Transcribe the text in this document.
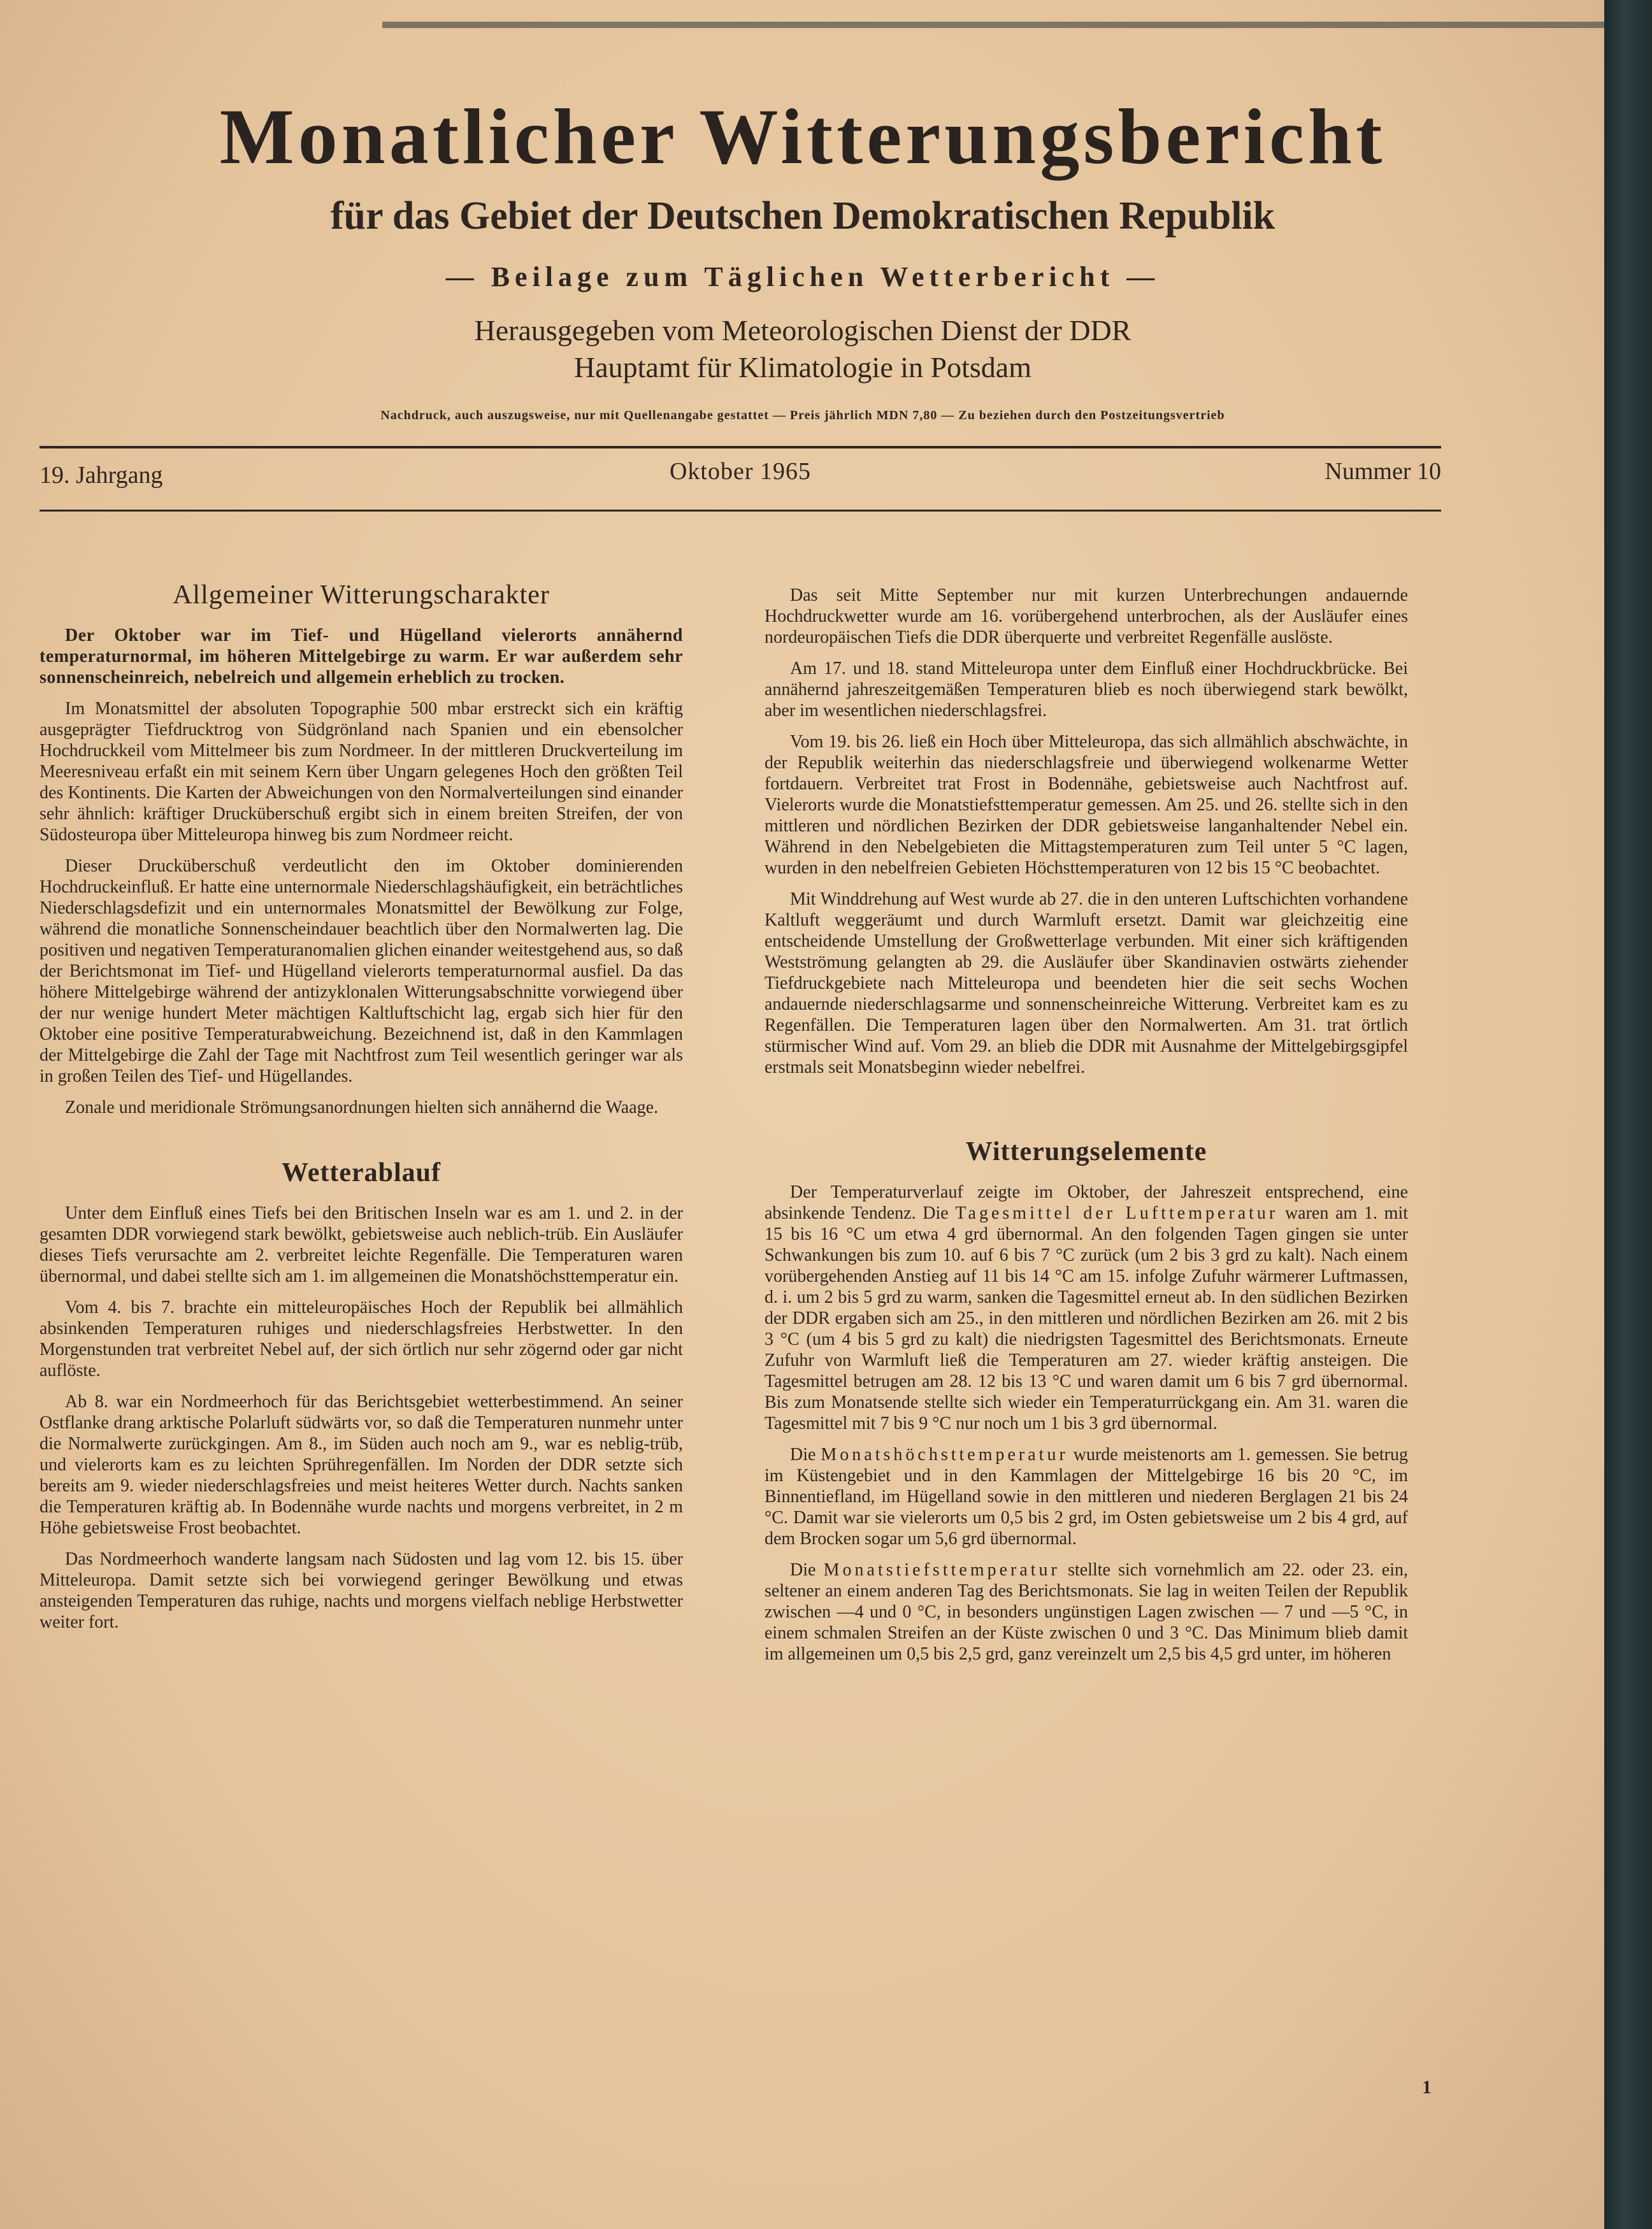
Monatlicher Witterungsbericht
für das Gebiet der Deutschen Demokratischen Republik
— Beilage zum Täglichen Wetterbericht —
Herausgegeben vom Meteorologischen Dienst der DDR
Hauptamt für Klimatologie in Potsdam
Nachdruck, auch auszugsweise, nur mit Quellenangabe gestattet — Preis jährlich MDN 7,80 — Zu beziehen durch den Postzeitungsvertrieb
19. Jahrgang	Oktober 1965	Nummer 10
Allgemeiner Witterungscharakter

Der Oktober war im Tief- und Hügelland vielerorts annähernd temperaturnormal, im höheren Mittelgebirge zu warm. Er war außerdem sehr sonnenscheinreich, nebelreich und allgemein erheblich zu trocken.

Im Monatsmittel der absoluten Topographie 500 mbar erstreckt sich ein kräftig ausgeprägter Tiefdrucktrog von Südgrönland nach Spanien und ein ebensolcher Hochdruckkeil vom Mittelmeer bis zum Nordmeer. In der mittleren Druckverteilung im Meeresniveau erfaßt ein mit seinem Kern über Ungarn gelegenes Hoch den größten Teil des Kontinents. Die Karten der Abweichungen von den Normalverteilungen sind einander sehr ähnlich: kräftiger Drucküberschuß ergibt sich in einem breiten Streifen, der von Südosteuropa über Mitteleuropa hinweg bis zum Nordmeer reicht.

Dieser Drucküberschuß verdeutlicht den im Oktober dominierenden Hochdruckeinfluß. Er hatte eine unternormale Niederschlagshäufigkeit, ein beträchtliches Niederschlagsdefizit und ein unternormales Monatsmittel der Bewölkung zur Folge, während die monatliche Sonnenscheindauer beachtlich über den Normalwerten lag. Die positiven und negativen Temperaturanomalien glichen einander weitestgehend aus, so daß der Berichtsmonat im Tief- und Hügelland vielerorts temperaturnormal ausfiel. Da das höhere Mittelgebirge während der antizyklonalen Witterungsabschnitte vorwiegend über der nur wenige hundert Meter mächtigen Kaltluftschicht lag, ergab sich hier für den Oktober eine positive Temperaturabweichung. Bezeichnend ist, daß in den Kammlagen der Mittelgebirge die Zahl der Tage mit Nachtfrost zum Teil wesentlich geringer war als in großen Teilen des Tief- und Hügellandes.

Zonale und meridionale Strömungsanordnungen hielten sich annähernd die Waage.

Wetterablauf

Unter dem Einfluß eines Tiefs bei den Britischen Inseln war es am 1. und 2. in der gesamten DDR vorwiegend stark bewölkt, gebietsweise auch neblich-trüb. Ein Ausläufer dieses Tiefs verursachte am 2. verbreitet leichte Regenfälle. Die Temperaturen waren übernormal, und dabei stellte sich am 1. im allgemeinen die Monatshöchsttemperatur ein.

Vom 4. bis 7. brachte ein mitteleuropäisches Hoch der Republik bei allmählich absinkenden Temperaturen ruhiges und niederschlagsfreies Herbstwetter. In den Morgenstunden trat verbreitet Nebel auf, der sich örtlich nur sehr zögernd oder gar nicht auflöste.

Ab 8. war ein Nordmeerhoch für das Berichtsgebiet wetterbestimmend. An seiner Ostflanke drang arktische Polarluft südwärts vor, so daß die Temperaturen nunmehr unter die Normalwerte zurückgingen. Am 8., im Süden auch noch am 9., war es neblig-trüb, und vielerorts kam es zu leichten Sprühregenfällen. Im Norden der DDR setzte sich bereits am 9. wieder niederschlagsfreies und meist heiteres Wetter durch. Nachts sanken die Temperaturen kräftig ab. In Bodennähe wurde nachts und morgens verbreitet, in 2 m Höhe gebietsweise Frost beobachtet.

Das Nordmeerhoch wanderte langsam nach Südosten und lag vom 12. bis 15. über Mitteleuropa. Damit setzte sich bei vorwiegend geringer Bewölkung und etwas ansteigenden Temperaturen das ruhige, nachts und morgens vielfach neblige Herbstwetter weiter fort.

Das seit Mitte September nur mit kurzen Unterbrechungen andauernde Hochdruckwetter wurde am 16. vorübergehend unterbrochen, als der Ausläufer eines nordeuropäischen Tiefs die DDR überquerte und verbreitet Regenfälle auslöste.

Am 17. und 18. stand Mitteleuropa unter dem Einfluß einer Hochdruckbrücke. Bei annähernd jahreszeitgemäßen Temperaturen blieb es noch überwiegend stark bewölkt, aber im wesentlichen niederschlagsfrei.

Vom 19. bis 26. ließ ein Hoch über Mitteleuropa, das sich allmählich abschwächte, in der Republik weiterhin das niederschlagsfreie und überwiegend wolkenarme Wetter fortdauern. Verbreitet trat Frost in Bodennähe, gebietsweise auch Nachtfrost auf. Vielerorts wurde die Monatstiefsttemperatur gemessen. Am 25. und 26. stellte sich in den mittleren und nördlichen Bezirken der DDR gebietsweise langanhaltender Nebel ein. Während in den Nebelgebieten die Mittagstemperaturen zum Teil unter 5 °C lagen, wurden in den nebelfreien Gebieten Höchsttemperaturen von 12 bis 15 °C beobachtet.

Mit Winddrehung auf West wurde ab 27. die in den unteren Luftschichten vorhandene Kaltluft weggeräumt und durch Warmluft ersetzt. Damit war gleichzeitig eine entscheidende Umstellung der Großwetterlage verbunden. Mit einer sich kräftigenden Westströmung gelangten ab 29. die Ausläufer über Skandinavien ostwärts ziehender Tiefdruckgebiete nach Mitteleuropa und beendeten hier die seit sechs Wochen andauernde niederschlagsarme und sonnenscheinreiche Witterung. Verbreitet kam es zu Regenfällen. Die Temperaturen lagen über den Normalwerten. Am 31. trat örtlich stürmischer Wind auf. Vom 29. an blieb die DDR mit Ausnahme der Mittelgebirgsgipfel erstmals seit Monatsbeginn wieder nebelfrei.

Witterungselemente

Der Temperaturverlauf zeigte im Oktober, der Jahreszeit entsprechend, eine absinkende Tendenz. Die Tagesmittel der Lufttemperatur waren am 1. mit 15 bis 16 °C um etwa 4 grd übernormal. An den folgenden Tagen gingen sie unter Schwankungen bis zum 10. auf 6 bis 7 °C zurück (um 2 bis 3 grd zu kalt). Nach einem vorübergehenden Anstieg auf 11 bis 14 °C am 15. infolge Zufuhr wärmerer Luftmassen, d. i. um 2 bis 5 grd zu warm, sanken die Tagesmittel erneut ab. In den südlichen Bezirken der DDR ergaben sich am 25., in den mittleren und nördlichen Bezirken am 26. mit 2 bis 3 °C (um 4 bis 5 grd zu kalt) die niedrigsten Tagesmittel des Berichtsmonats. Erneute Zufuhr von Warmluft ließ die Temperaturen am 27. wieder kräftig ansteigen. Die Tagesmittel betrugen am 28. 12 bis 13 °C und waren damit um 6 bis 7 grd übernormal. Bis zum Monatsende stellte sich wieder ein Temperaturrückgang ein. Am 31. waren die Tagesmittel mit 7 bis 9 °C nur noch um 1 bis 3 grd übernormal.

Die Monatshöchsttemperatur wurde meistenorts am 1. gemessen. Sie betrug im Küstengebiet und in den Kammlagen der Mittelgebirge 16 bis 20 °C, im Binnentiefland, im Hügelland sowie in den mittleren und niederen Berglagen 21 bis 24 °C. Damit war sie vielerorts um 0,5 bis 2 grd, im Osten gebietsweise um 2 bis 4 grd, auf dem Brocken sogar um 5,6 grd übernormal.

Die Monatstiefsttemperatur stellte sich vornehmlich am 22. oder 23. ein, seltener an einem anderen Tag des Berichtsmonats. Sie lag in weiten Teilen der Republik zwischen —4 und 0 °C, in besonders ungünstigen Lagen zwischen — 7 und —5 °C, in einem schmalen Streifen an der Küste zwischen 0 und 3 °C. Das Minimum blieb damit im allgemeinen um 0,5 bis 2,5 grd, ganz vereinzelt um 2,5 bis 4,5 grd unter, im höheren

1
